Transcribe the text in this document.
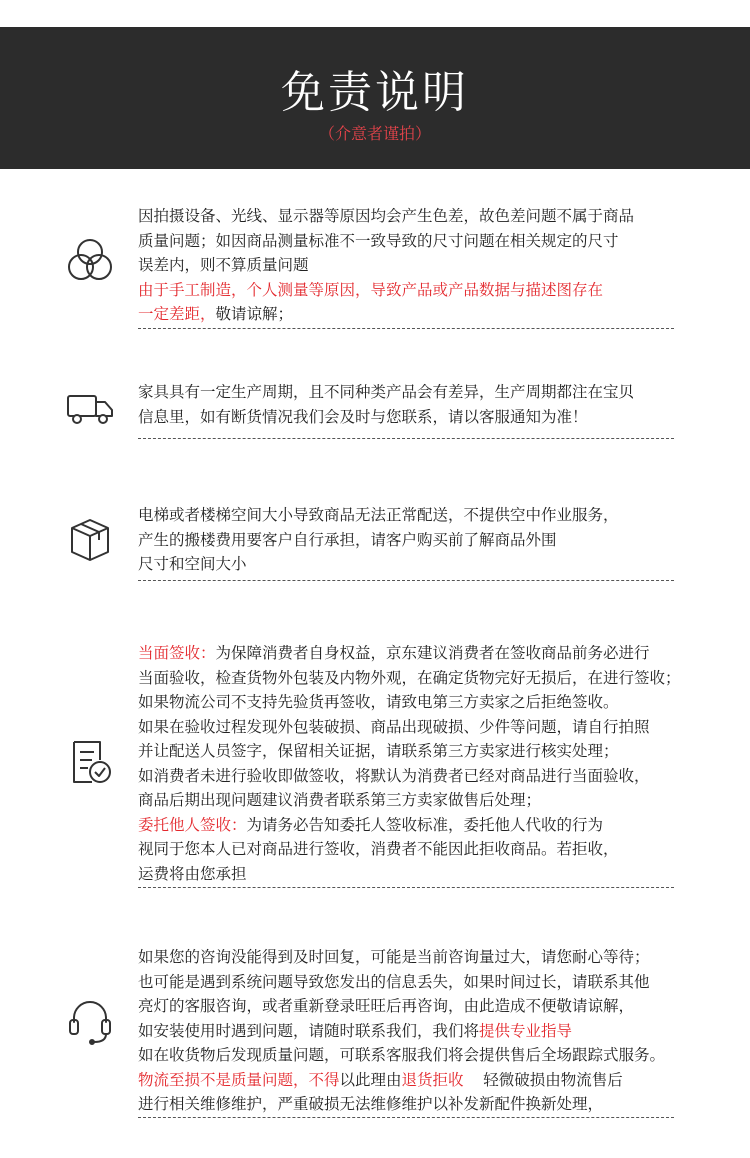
免责说明
（介意者谨拍）
因拍摄设备、光线、显示器等原因均会产生色差，故色差问题不属于商品
质量问题；如因商品测量标准不一致导致的尺寸问题在相关规定的尺寸
误差内，则不算质量问题
由于手工制造，个人测量等原因，导致产品或产品数据与描述图存在
一定差距，敬请谅解；
家具具有一定生产周期，且不同种类产品会有差异，生产周期都注在宝贝
信息里，如有断货情况我们会及时与您联系，请以客服通知为准！
电梯或者楼梯空间大小导致商品无法正常配送，不提供空中作业服务，
产生的搬楼费用要客户自行承担，请客户购买前了解商品外围
尺寸和空间大小
当面签收：为保障消费者自身权益，京东建议消费者在签收商品前务必进行
当面验收，检查货物外包装及内物外观，在确定货物完好无损后，在进行签收；
如果物流公司不支持先验货再签收，请致电第三方卖家之后拒绝签收。
如果在验收过程发现外包装破损、商品出现破损、少件等问题，请自行拍照
并让配送人员签字，保留相关证据，请联系第三方卖家进行核实处理；
如消费者未进行验收即做签收，将默认为消费者已经对商品进行当面验收，
商品后期出现问题建议消费者联系第三方卖家做售后处理；
委托他人签收：为请务必告知委托人签收标准，委托他人代收的行为
视同于您本人已对商品进行签收，消费者不能因此拒收商品。若拒收，
运费将由您承担
如果您的咨询没能得到及时回复，可能是当前咨询量过大，请您耐心等待；
也可能是遇到系统问题导致您发出的信息丢失，如果时间过长，请联系其他
亮灯的客服咨询，或者重新登录旺旺后再咨询，由此造成不便敬请谅解，
如安装使用时遇到问题，请随时联系我们，我们将提供专业指导
如在收货物后发现质量问题，可联系客服我们将会提供售后全场跟踪式服务。
物流至损不是质量问题，不得以此理由退货拒收    轻微破损由物流售后
进行相关维修维护，严重破损无法维修维护以补发新配件换新处理，
